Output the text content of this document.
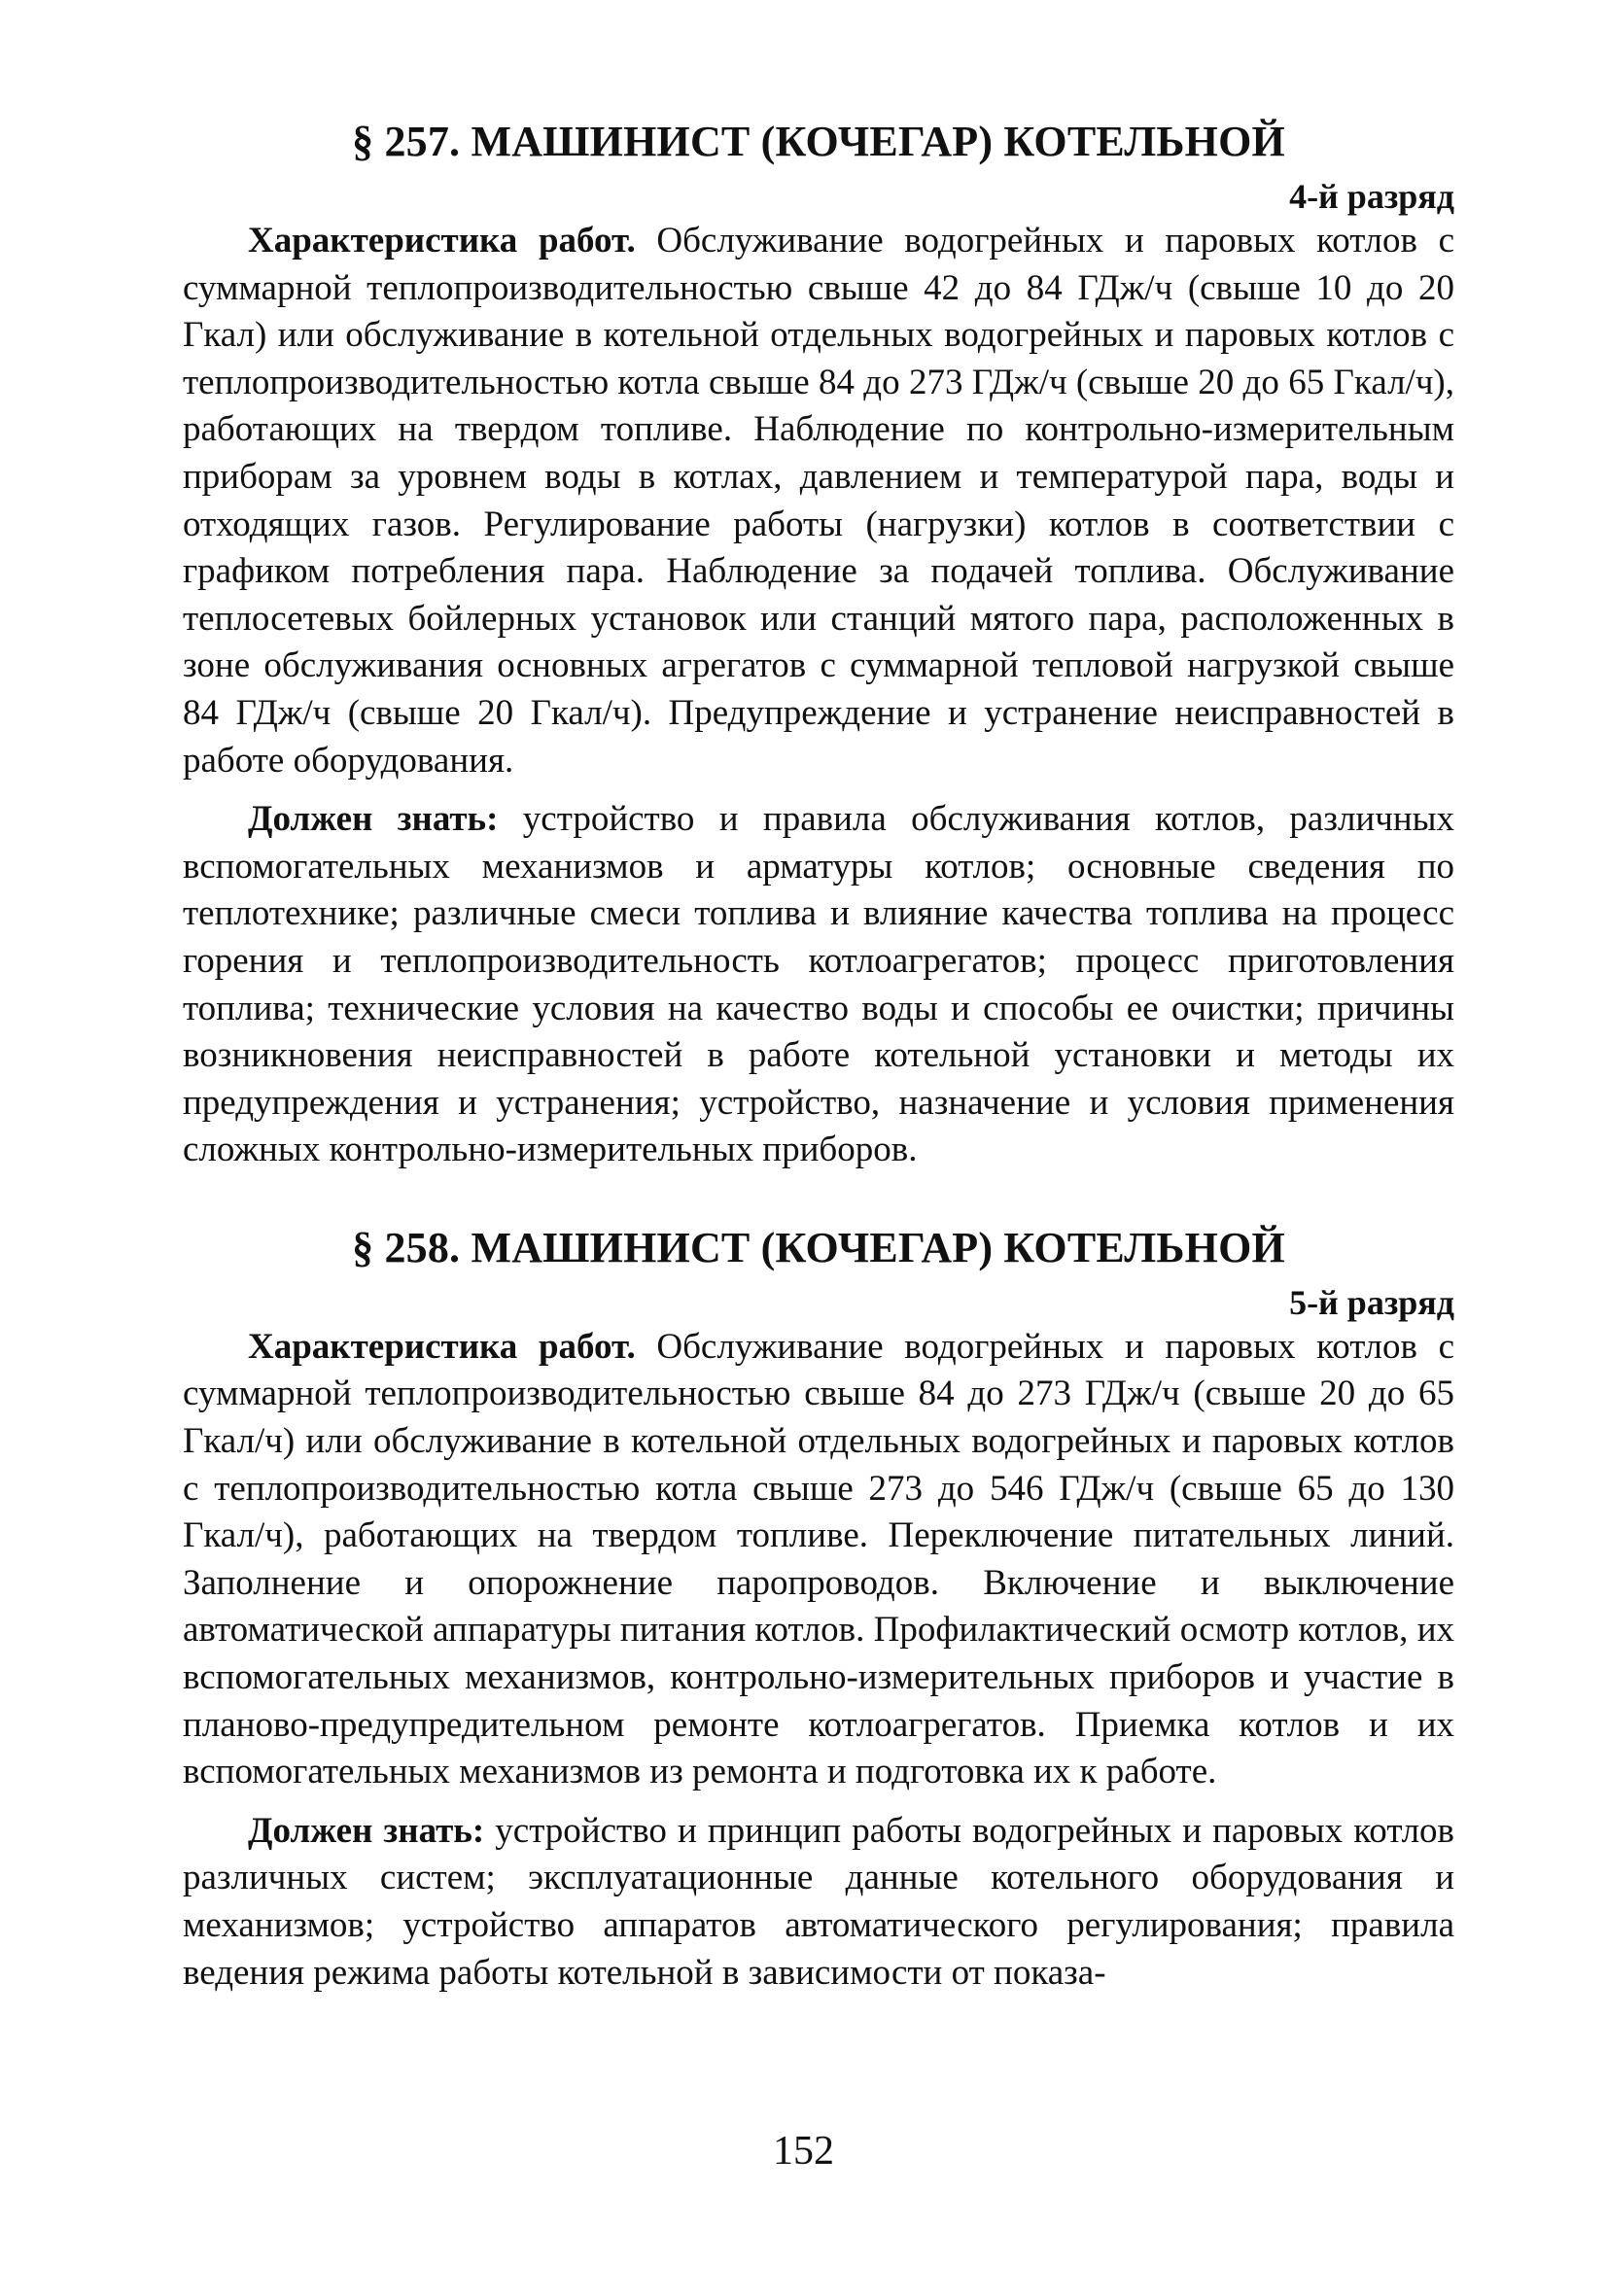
§ 257. МАШИНИСТ (КОЧЕГАР) КОТЕЛЬНОЙ
4-й разряд

Характеристика работ. Обслуживание водогрейных и паровых котлов с суммарной теплопроизводительностью свыше 42 до 84 ГДж/ч (свыше 10 до 20 Гкал) или обслуживание в котельной отдельных водогрейных и паровых котлов с теплопроизводительностью котла свыше 84 до 273 ГДж/ч (свыше 20 до 65 Гкал/ч), работающих на твердом топливе. Наблюдение по контрольно-измерительным приборам за уровнем воды в котлах, давлением и температурой пара, воды и отходящих газов. Регулирование работы (нагрузки) котлов в соответствии с графиком потребления пара. Наблюдение за подачей топлива. Обслуживание теплосетевых бойлерных установок или станций мятого пара, расположенных в зоне обслуживания основных агрегатов с суммарной тепловой нагрузкой свыше 84 ГДж/ч (свыше 20 Гкал/ч). Предупреждение и устранение неисправностей в работе оборудования.

Должен знать: устройство и правила обслуживания котлов, различных вспомогательных механизмов и арматуры котлов; основные сведения по теплотехнике; различные смеси топлива и влияние качества топлива на процесс горения и теплопроизводительность котлоагрегатов; процесс приготовления топлива; технические условия на качество воды и способы ее очистки; причины возникновения неисправностей в работе котельной установки и методы их предупреждения и устранения; устройство, назначение и условия применения сложных контрольно-измерительных приборов.

§ 258. МАШИНИСТ (КОЧЕГАР) КОТЕЛЬНОЙ
5-й разряд

Характеристика работ. Обслуживание водогрейных и паровых котлов с суммарной теплопроизводительностью свыше 84 до 273 ГДж/ч (свыше 20 до 65 Гкал/ч) или обслуживание в котельной отдельных водогрейных и паровых котлов с теплопроизводительностью котла свыше 273 до 546 ГДж/ч (свыше 65 до 130 Гкал/ч), работающих на твердом топливе. Переключение питательных линий. Заполнение и опорожнение паропроводов. Включение и выключение автоматической аппаратуры питания котлов. Профилактический осмотр котлов, их вспомогательных механизмов, контрольно-измерительных приборов и участие в планово-предупредительном ремонте котлоагрегатов. Приемка котлов и их вспомогательных механизмов из ремонта и подготовка их к работе.

Должен знать: устройство и принцип работы водогрейных и паровых котлов различных систем; эксплуатационные данные котельного оборудования и механизмов; устройство аппаратов автоматического регулирования; правила ведения режима работы котельной в зависимости от показа-

152
